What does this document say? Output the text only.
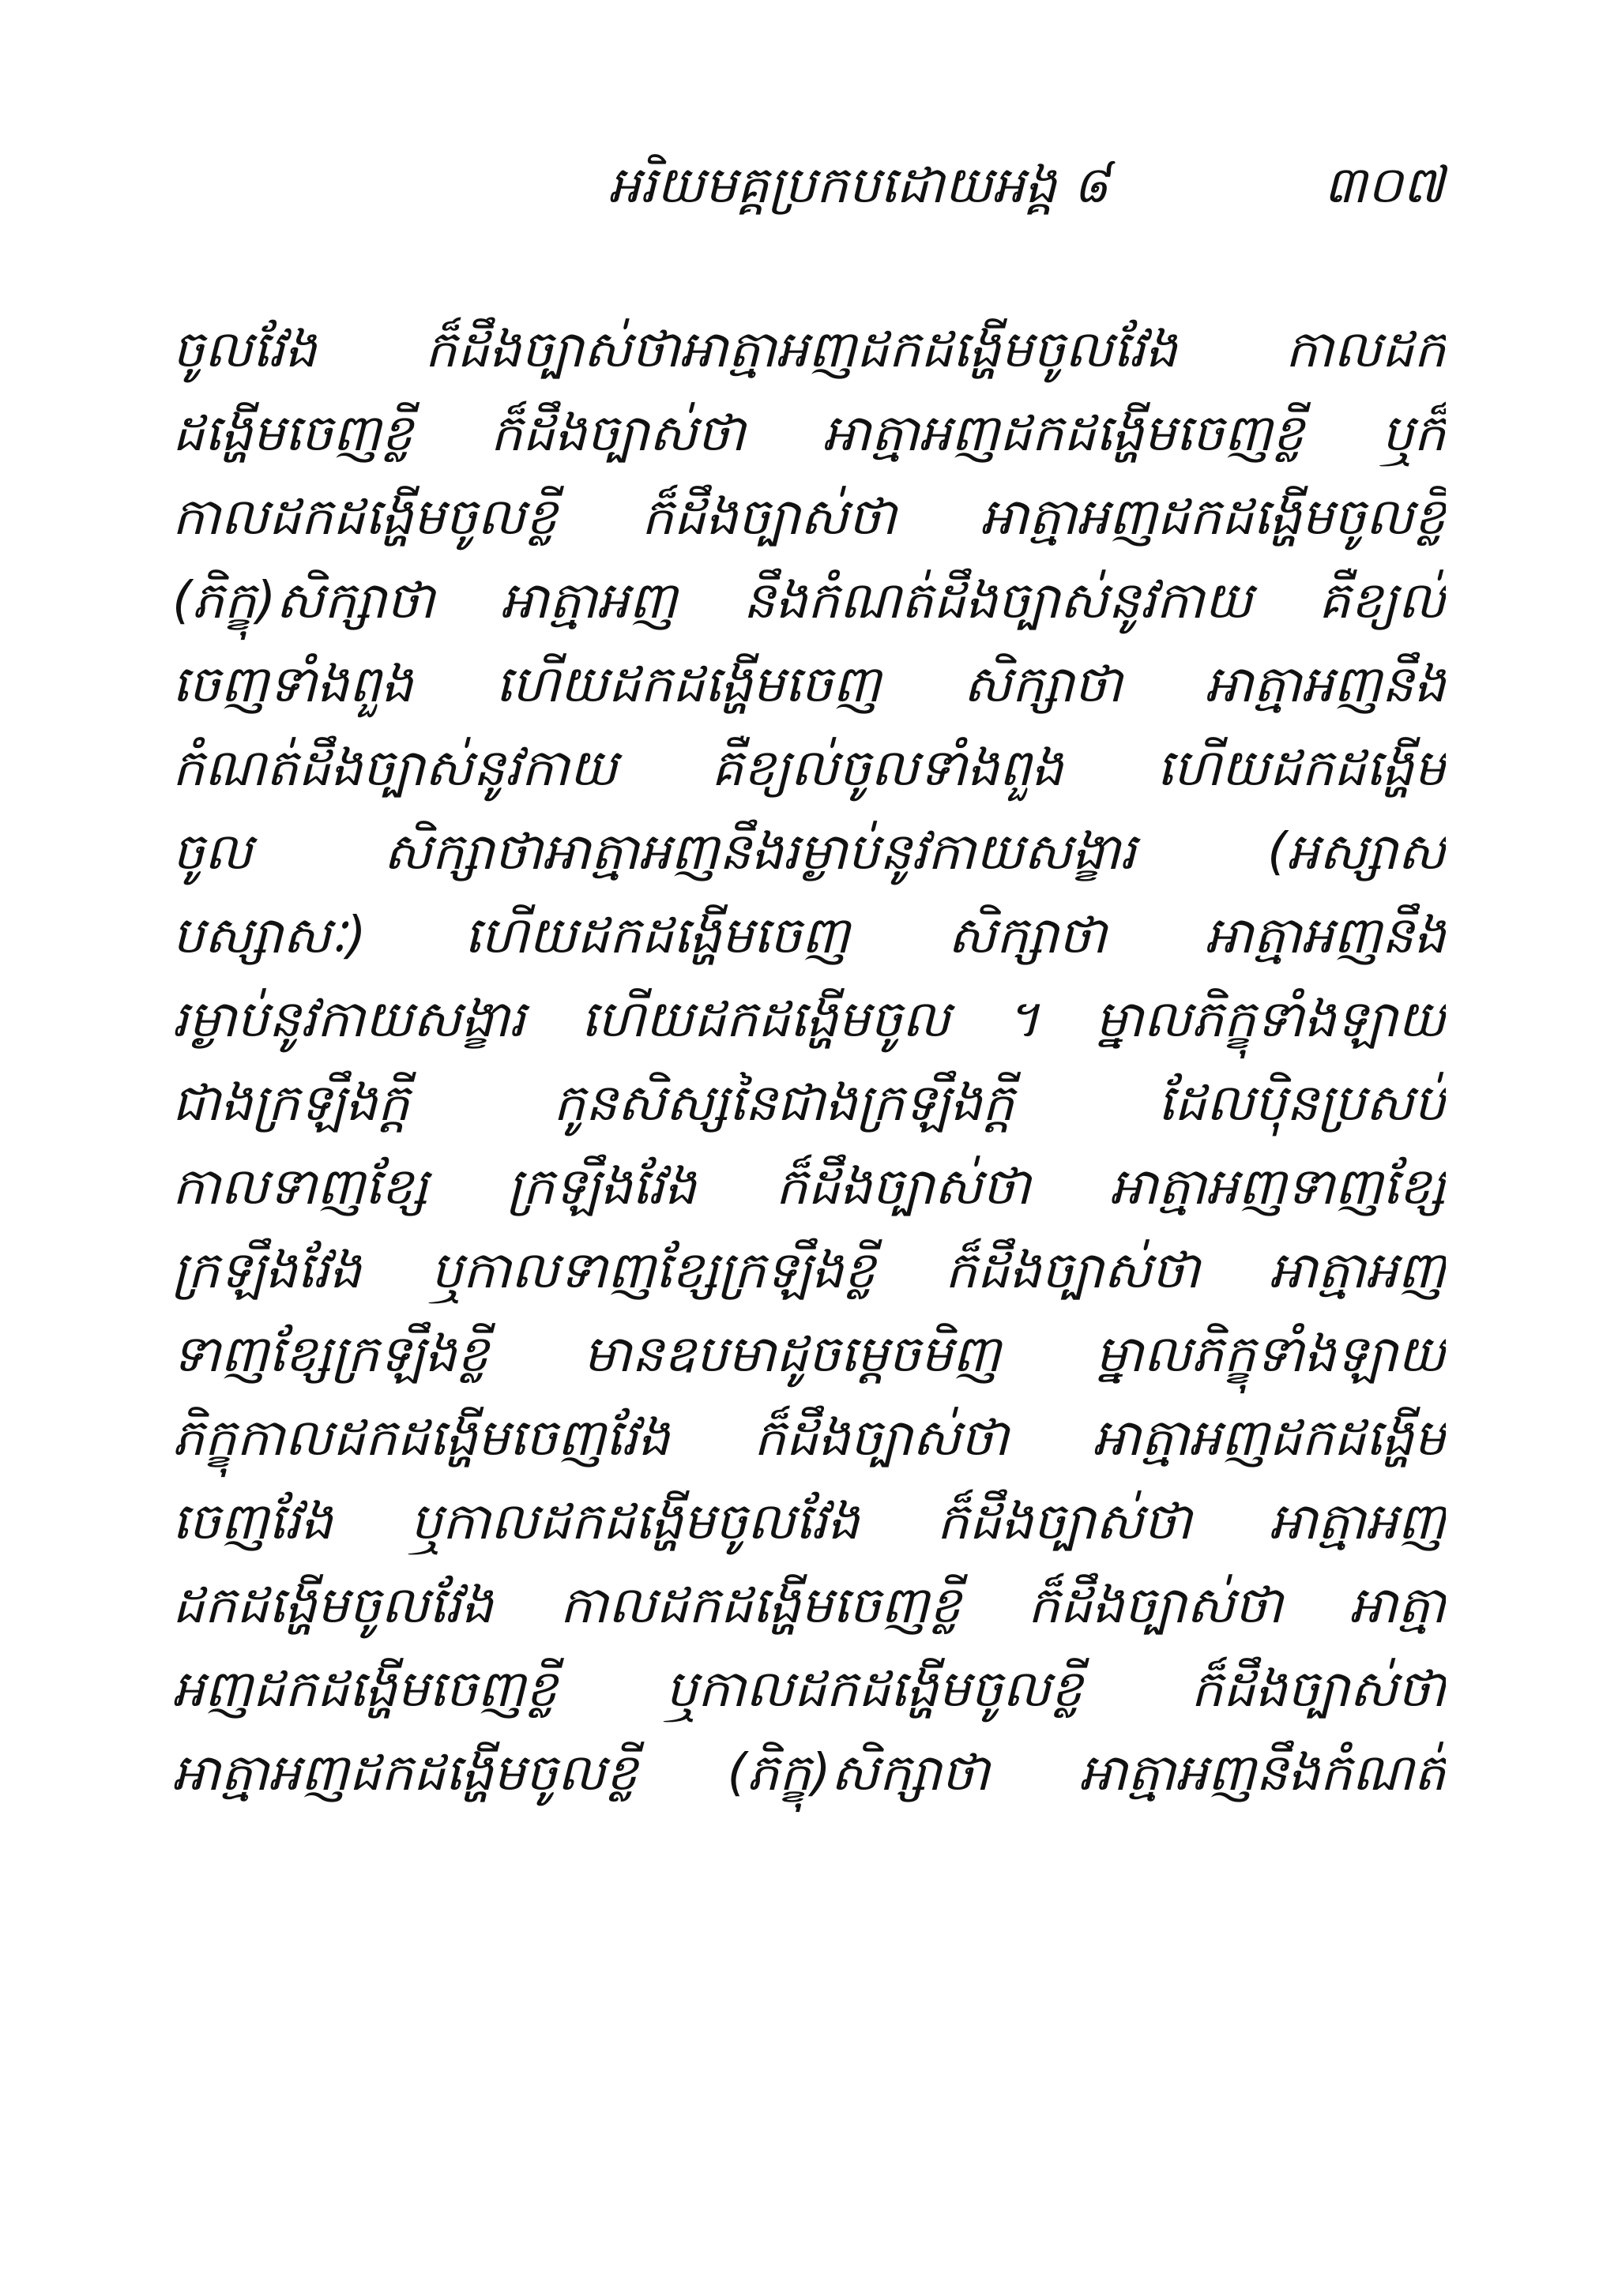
អរិយមគ្គប្រកបដោយអង្គ ៨	៣០៧
ចូលវែង ក៏ដឹងច្បាស់ថាអាត្មាអញដកដង្ហើមចូលវែង កាលដក
ដង្ហើមចេញខ្លី ក៏ដឹងច្បាស់ថា អាត្មាអញដកដង្ហើមចេញខ្លី ឬក៏
កាលដកដង្ហើមចូលខ្លី ក៏ដឹងច្បាស់ថា អាត្មាអញដកដង្ហើមចូលខ្លី
(ភិក្ខុ)សិក្សាថា អាត្មាអញ នឹងកំណត់ដឹងច្បាស់នូវកាយ គឺខ្យល់
ចេញទាំងពួង ហើយដកដង្ហើមចេញ សិក្សាថា អាត្មាអញនឹង
កំណត់ដឹងច្បាស់នូវកាយ គឺខ្យល់ចូលទាំងពួង ហើយដកដង្ហើម
ចូល សិក្សាថាអាត្មាអញនឹងរម្ងាប់នូវកាយសង្ខារ (អស្សាស
បស្សាសៈ) ហើយដកដង្ហើមចេញ សិក្សាថា អាត្មាអញនឹង
រម្ងាប់នូវកាយសង្ខារ ហើយដកដង្ហើមចូល ។ ម្នាលភិក្ខុទាំងឡាយ
ជាងក្រឡឹងក្តី កូនសិស្សនៃជាងក្រឡឹងក្តី ដែលប៉ិនប្រសប់
កាលទាញខ្សែ ក្រឡឹងវែង ក៏ដឹងច្បាស់ថា អាត្មាអញទាញខ្សែ
ក្រឡឹងវែង ឬកាលទាញខ្សែក្រឡឹងខ្លី ក៏ដឹងច្បាស់ថា អាត្មាអញ
ទាញខ្សែក្រឡឹងខ្លី មានឧបមាដូចម្តេចមិញ ម្នាលភិក្ខុទាំងឡាយ
ភិក្ខុកាលដកដង្ហើមចេញវែង ក៏ដឹងច្បាស់ថា អាត្មាអញដកដង្ហើម
ចេញវែង ឬកាលដកដង្ហើមចូលវែង ក៏ដឹងច្បាស់ថា អាត្មាអញ
ដកដង្ហើមចូលវែង កាលដកដង្ហើមចេញខ្លី ក៏ដឹងច្បាស់ថា អាត្មា
អញដកដង្ហើមចេញខ្លី ឬកាលដកដង្ហើមចូលខ្លី ក៏ដឹងច្បាស់ថា
អាត្មាអញដកដង្ហើមចូលខ្លី (ភិក្ខុ)សិក្សាថា អាត្មាអញនឹងកំណត់
